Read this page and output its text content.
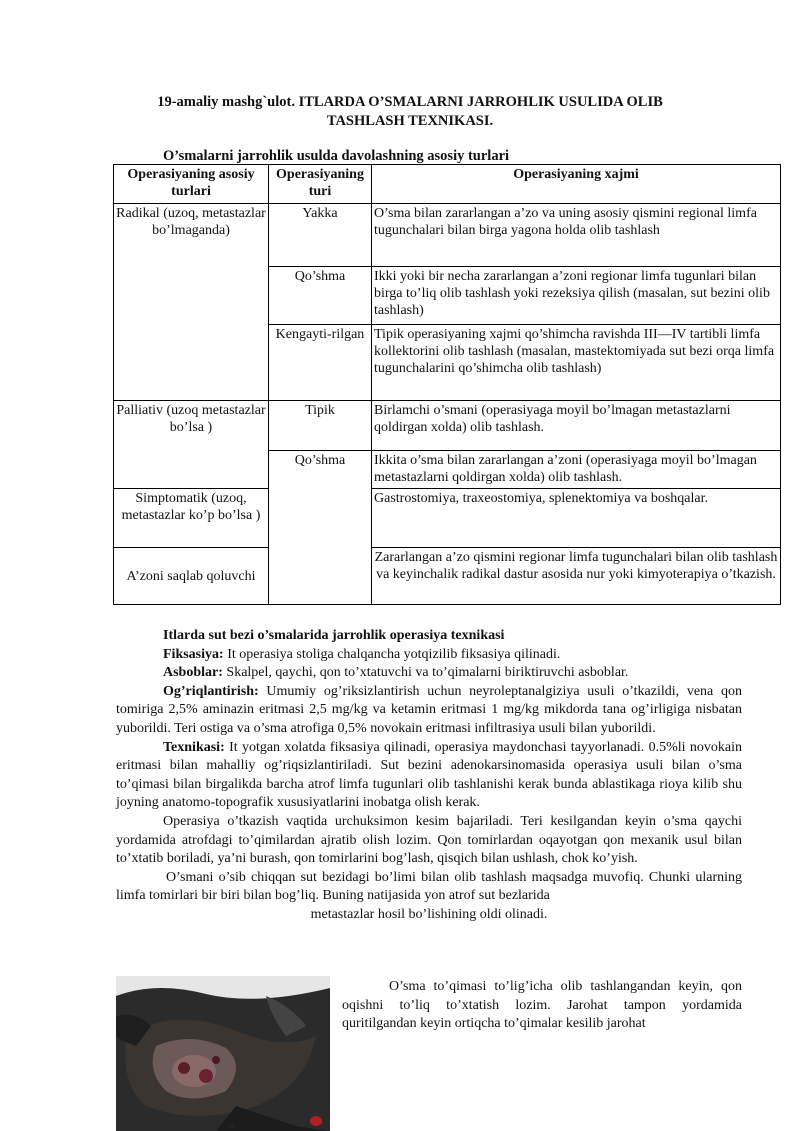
19-amaliy mashg`ulot. ITLARDA O’SMALARNI JARROHLIK USULIDA OLIB TASHLASH TEXNIKASI.
O’smalarni jarrohlik usulda davolashning asosiy turlari
Operasiyaning asosiy turlari	Operasiyaning turi	Operasiyaning xajmi
Radikal (uzoq, metastazlar bo’lmaganda)	Yakka	O’sma bilan zararlangan a’zo va uning asosiy qismini regional limfa tugunchalari bilan birga yagona holda olib tashlash
	Qo’shma	Ikki yoki bir necha zararlangan a’zoni regionar limfa tugunlari bilan birga to’liq olib tashlash yoki rezeksiya qilish (masalan, sut bezini olib tashlash)
	Kengayti-rilgan	Tipik operasiyaning xajmi qo’shimcha ravishda III—IV tartibli limfa kollektorini olib tashlash (masalan, mastektomiyada sut bezi orqa limfa tugunchalarini qo’shimcha olib tashlash)
Palliativ (uzoq metastazlar bo’lsa )	Tipik	Birlamchi o’smani (operasiyaga moyil bo’lmagan metastazlarni qoldirgan xolda) olib tashlash.
	Qo’shma	Ikkita o’sma bilan zararlangan a’zoni (operasiyaga moyil bo’lmagan metastazlarni qoldirgan xolda) olib tashlash.
Simptomatik (uzoq, metastazlar ko’p bo’lsa )		Gastrostomiya, traxeostomiya, splenektomiya va boshqalar.
A’zoni saqlab qoluvchi		Zararlangan a’zo qismini regionar limfa tugunchalari bilan olib tashlash va keyinchalik radikal dastur asosida nur yoki kimyoterapiya o’tkazish.

Itlarda sut bezi o’smalarida jarrohlik operasiya texnikasi

Fiksasiya: It operasiya stoliga chalqancha yotqizilib fiksasiya qilinadi.

Asboblar: Skalpel, qaychi, qon to’xtatuvchi va to’qimalarni biriktiruvchi asboblar.

Og’riqlantirish: Umumiy og’riksizlantirish uchun neyroleptanalgiziya usuli o’tkazildi, vena qon tomiriga 2,5% aminazin eritmasi 2,5 mg/kg va ketamin eritmasi 1 mg/kg mikdorda tana og’irligiga nisbatan yuborildi. Teri ostiga va o’sma atrofiga 0,5% novokain eritmasi infiltrasiya usuli bilan yuborildi.

Texnikasi: It yotgan xolatda fiksasiya qilinadi, operasiya maydonchasi tayyorlanadi. 0.5%li novokain eritmasi bilan mahalliy og’riqsizlantiriladi. Sut bezini adenokarsinomasida operasiya usuli bilan o’sma to’qimasi bilan birgalikda barcha atrof limfa tugunlari olib tashlanishi kerak bunda ablastikaga rioya kilib shu joyning anatomo-topografik xususiyatlarini inobatga olish kerak.

Operasiya o’tkazish vaqtida urchuksimon kesim bajariladi. Teri kesilgandan keyin o’sma qaychi yordamida atrofdagi to’qimilardan ajratib olish lozim. Qon tomirlardan oqayotgan qon mexanik usul bilan to’xtatib boriladi, ya’ni burash, qon tomirlarini bog’lash, qisqich bilan ushlash, chok ko’yish.

O’smani o’sib chiqqan sut bezidagi bo’limi bilan olib tashlash maqsadga muvofiq. Chunki ularning limfa tomirlari bir biri bilan bog’liq. Buning natijasida yon atrof sut bezlarida

metastazlar hosil bo’lishining oldi olinadi.

O’sma to’qimasi to’lig’icha olib tashlangandan keyin, qon oqishni to’liq to’xtatish lozim. Jarohat tampon yordamida quritilgandan keyin ortiqcha to’qimalar kesilib jarohat
